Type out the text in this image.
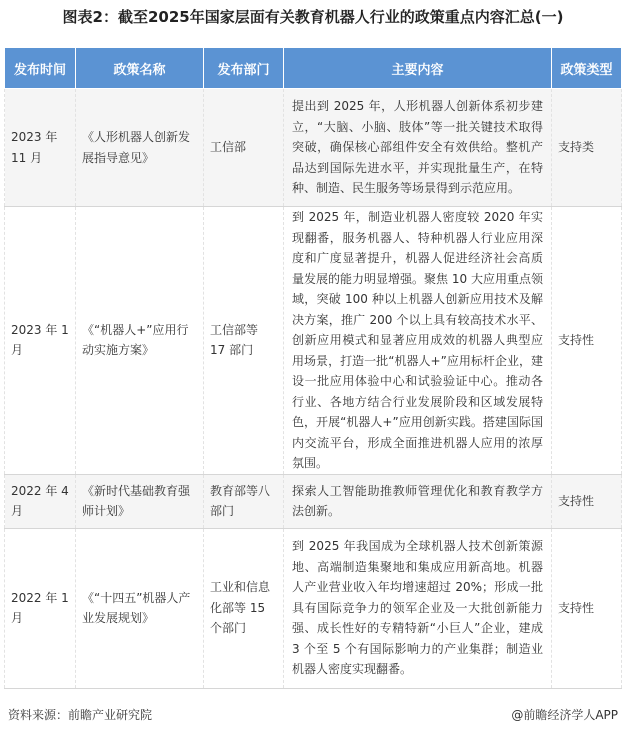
图表2：截至2025年国家层面有关教育机器人行业的政策重点内容汇总(一)
发布时间	政策名称	发布部门	主要内容	政策类型
2023 年 11 月	《人形机器人创新发展指导意见》	工信部	提出到 2025 年，人形机器人创新体系初步建立，“大脑、小脑、肢体”等一批关键技术取得突破，确保核心部组件安全有效供给。整机产品达到国际先进水平，并实现批量生产，在特种、制造、民生服务等场景得到示范应用。	支持类
2023 年 1 月	《“机器人+”应用行动实施方案》	工信部等 17 部门	到 2025 年，制造业机器人密度较 2020 年实现翻番，服务机器人、特种机器人行业应用深度和广度显著提升，机器人促进经济社会高质量发展的能力明显增强。聚焦 10 大应用重点领域，突破 100 种以上机器人创新应用技术及解决方案，推广 200 个以上具有较高技术水平、创新应用模式和显著应用成效的机器人典型应用场景，打造一批“机器人+”应用标杆企业，建设一批应用体验中心和试验验证中心。推动各行业、各地方结合行业发展阶段和区域发展特色，开展“机器人+”应用创新实践。搭建国际国内交流平台，形成全面推进机器人应用的浓厚氛围。	支持性
2022 年 4 月	《新时代基础教育强师计划》	教育部等八部门	探索人工智能助推教师管理优化和教育教学方法创新。	支持性
2022 年 1 月	《“十四五”机器人产业发展规划》	工业和信息化部等 15 个部门	到 2025 年我国成为全球机器人技术创新策源地、高端制造集聚地和集成应用新高地。机器人产业营业收入年均增速超过 20%；形成一批具有国际竞争力的领军企业及一大批创新能力强、成长性好的专精特新“小巨人”企业，建成 3 个至 5 个有国际影响力的产业集群；制造业机器人密度实现翻番。	支持性
资料来源：前瞻产业研究院	@前瞻经济学人APP
